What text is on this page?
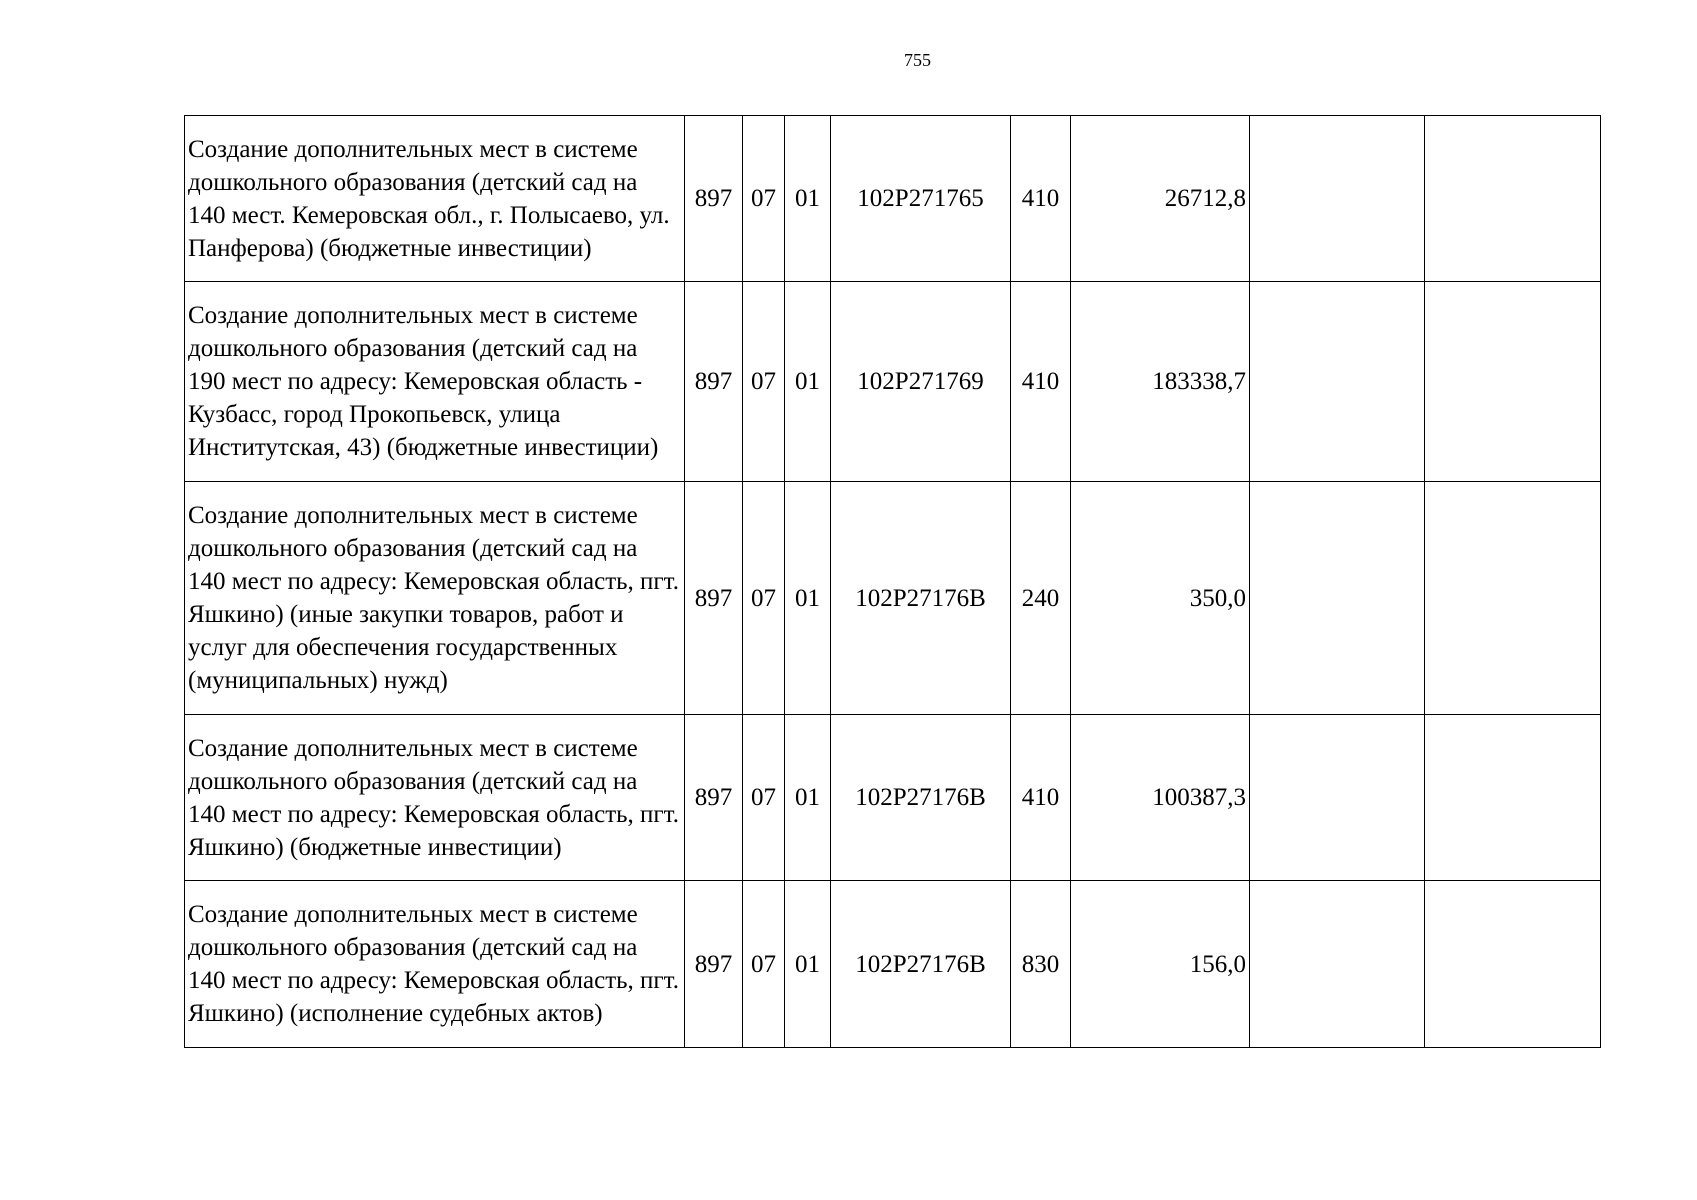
755
Создание дополнительных мест в системе дошкольного образования (детский сад на 140 мест. Кемеровская обл., г. Полысаево, ул. Панферова) (бюджетные инвестиции)	897	07	01	102P271765	410	26712,8		
Создание дополнительных мест в системе дошкольного образования (детский сад на 190 мест по адресу: Кемеровская область - Кузбасс, город Прокопьевск, улица Институтская, 43) (бюджетные инвестиции)	897	07	01	102P271769	410	183338,7		
Создание дополнительных мест в системе дошкольного образования (детский сад на 140 мест по адресу: Кемеровская область, пгт. Яшкино) (иные закупки товаров, работ и услуг для обеспечения государственных (муниципальных) нужд)	897	07	01	102P27176B	240	350,0		
Создание дополнительных мест в системе дошкольного образования (детский сад на 140 мест по адресу: Кемеровская область, пгт. Яшкино) (бюджетные инвестиции)	897	07	01	102P27176B	410	100387,3		
Создание дополнительных мест в системе дошкольного образования (детский сад на 140 мест по адресу: Кемеровская область, пгт. Яшкино) (исполнение судебных актов)	897	07	01	102P27176B	830	156,0		
